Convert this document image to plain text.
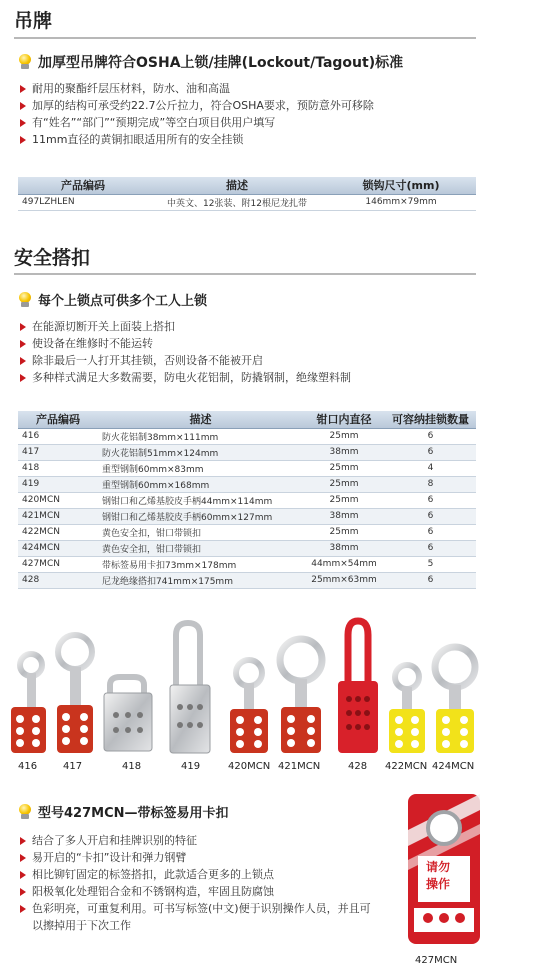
吊牌
加厚型吊牌符合OSHA上锁/挂牌(Lockout/Tagout)标准
耐用的聚酯纤层压材料，防水、油和高温
加厚的结构可承受约22.7公斤拉力，符合OSHA要求，预防意外可移除
有“姓名”“部门”“预期完成”等空白项目供用户填写
11mm直径的黄铜扣眼适用所有的安全挂锁
产品编码	描述	锁钩尺寸(mm)
497LZHLEN	中英文、12张装、附12根尼龙扎带	146mm×79mm
安全搭扣
每个上锁点可供多个工人上锁
在能源切断开关上面装上搭扣
使设备在维修时不能运转
除非最后一人打开其挂锁，否则设备不能被开启
多种样式满足大多数需要，防电火花铝制，防撬钢制，绝缘塑料制
产品编码	描述	钳口内直径	可容纳挂锁数量
416	防火花铝制38mm×111mm	25mm	6
417	防火花铝制51mm×124mm	38mm	6
418	重型钢制60mm×83mm	25mm	4
419	重型钢制60mm×168mm	25mm	8
420MCN	钢钳口和乙烯基胶皮手柄44mm×114mm	25mm	6
421MCN	钢钳口和乙烯基胶皮手柄60mm×127mm	38mm	6
422MCN	黄色安全扣，钳口带锁扣	25mm	6
424MCN	黄色安全扣，钳口带锁扣	38mm	6
427MCN	带标签易用卡扣73mm×178mm	44mm×54mm	5
428	尼龙绝缘搭扣741mm×175mm	25mm×63mm	6
416	417	418	419	420MCN 421MCN	428 422MCN 424MCN
型号427MCN—带标签易用卡扣
结合了多人开启和挂牌识别的特征
易开启的“卡扣”设计和弹力钢臂
相比铆钉固定的标签搭扣，此款适合更多的上锁点
阳极氧化处理铝合金和不锈钢构造，牢固且防腐蚀
色彩明亮，可重复利用。可书写标签(中文)便于识别操作人员，并且可以擦掉用于下次工作
请勿
操作
427MCN
